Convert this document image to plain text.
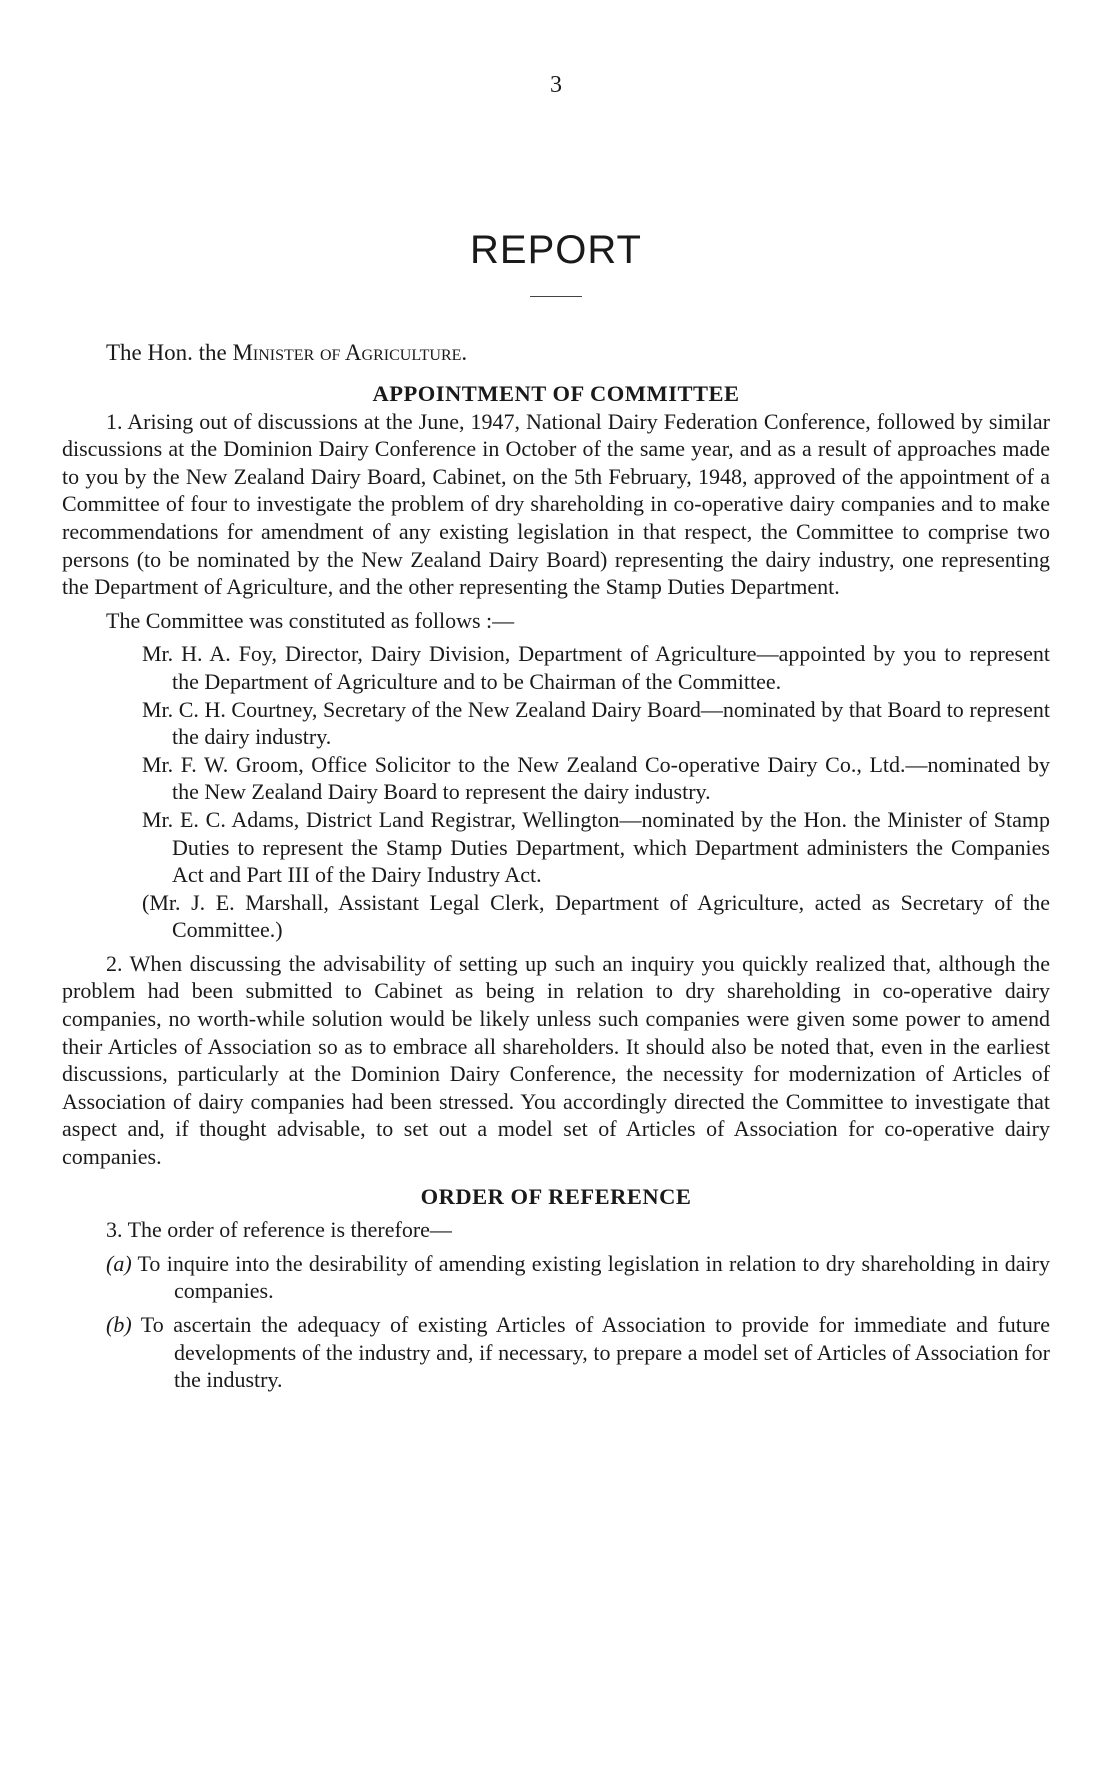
3
REPORT
The Hon. the Minister of Agriculture.
APPOINTMENT OF COMMITTEE

1. Arising out of discussions at the June, 1947, National Dairy Federation Conference, followed by similar discussions at the Dominion Dairy Conference in October of the same year, and as a result of approaches made to you by the New Zealand Dairy Board, Cabinet, on the 5th February, 1948, approved of the appointment of a Committee of four to investigate the problem of dry shareholding in co-operative dairy companies and to make recommendations for amendment of any existing legislation in that respect, the Committee to comprise two persons (to be nominated by the New Zealand Dairy Board) representing the dairy industry, one representing the Department of Agriculture, and the other representing the Stamp Duties Department.

The Committee was constituted as follows :—

Mr. H. A. Foy, Director, Dairy Division, Department of Agriculture—appointed by you to represent the Department of Agriculture and to be Chairman of the Committee.

Mr. C. H. Courtney, Secretary of the New Zealand Dairy Board—nominated by that Board to represent the dairy industry.

Mr. F. W. Groom, Office Solicitor to the New Zealand Co-operative Dairy Co., Ltd.—nominated by the New Zealand Dairy Board to represent the dairy industry.

Mr. E. C. Adams, District Land Registrar, Wellington—nominated by the Hon. the Minister of Stamp Duties to represent the Stamp Duties Department, which Department administers the Companies Act and Part III of the Dairy Industry Act.

(Mr. J. E. Marshall, Assistant Legal Clerk, Department of Agriculture, acted as Secretary of the Committee.)

2. When discussing the advisability of setting up such an inquiry you quickly realized that, although the problem had been submitted to Cabinet as being in relation to dry shareholding in co-operative dairy companies, no worth-while solution would be likely unless such companies were given some power to amend their Articles of Association so as to embrace all shareholders. It should also be noted that, even in the earliest discussions, particularly at the Dominion Dairy Conference, the necessity for modernization of Articles of Association of dairy companies had been stressed. You accordingly directed the Committee to investigate that aspect and, if thought advisable, to set out a model set of Articles of Association for co-operative dairy companies.

ORDER OF REFERENCE

3. The order of reference is therefore—

(a) To inquire into the desirability of amending existing legislation in relation to dry shareholding in dairy companies.

(b) To ascertain the adequacy of existing Articles of Association to provide for immediate and future developments of the industry and, if necessary, to prepare a model set of Articles of Association for the industry.
